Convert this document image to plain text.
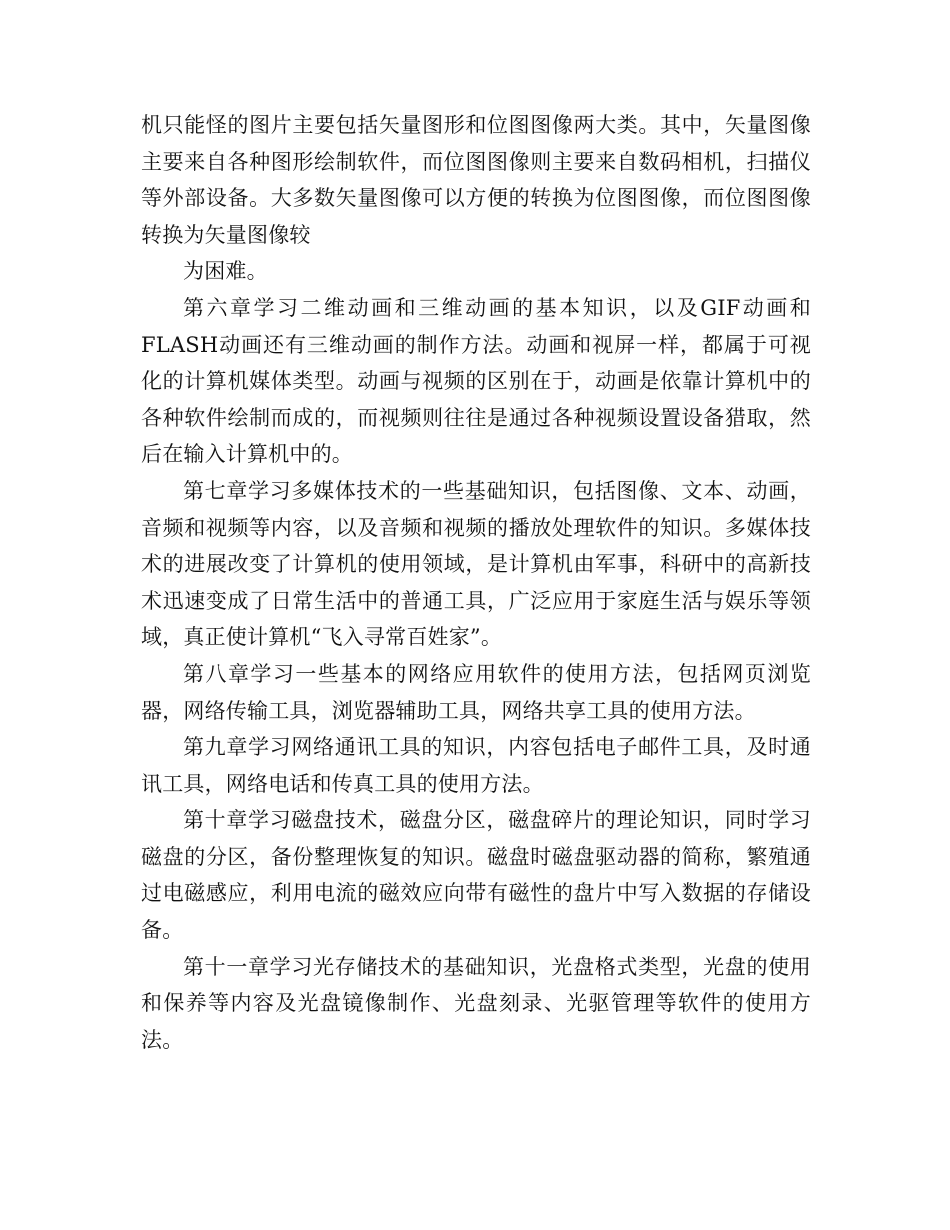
机只能怪的图片主要包括矢量图形和位图图像两大类。其中，矢量图像主要来自各种图形绘制软件，而位图图像则主要来自数码相机，扫描仪等外部设备。大多数矢量图像可以方便的转换为位图图像，而位图图像转换为矢量图像较

为困难。

第六章学习二维动画和三维动画的基本知识，以及GIF动画和FLASH动画还有三维动画的制作方法。动画和视屏一样，都属于可视化的计算机媒体类型。动画与视频的区别在于，动画是依靠计算机中的各种软件绘制而成的，而视频则往往是通过各种视频设置设备猎取，然后在输入计算机中的。

第七章学习多媒体技术的一些基础知识，包括图像、文本、动画，音频和视频等内容，以及音频和视频的播放处理软件的知识。多媒体技术的进展改变了计算机的使用领域，是计算机由军事，科研中的高新技术迅速变成了日常生活中的普通工具，广泛应用于家庭生活与娱乐等领域，真正使计算机“飞入寻常百姓家”。

第八章学习一些基本的网络应用软件的使用方法，包括网页浏览器，网络传输工具，浏览器辅助工具，网络共享工具的使用方法。

第九章学习网络通讯工具的知识，内容包括电子邮件工具，及时通讯工具，网络电话和传真工具的使用方法。

第十章学习磁盘技术，磁盘分区，磁盘碎片的理论知识，同时学习磁盘的分区，备份整理恢复的知识。磁盘时磁盘驱动器的简称，繁殖通过电磁感应，利用电流的磁效应向带有磁性的盘片中写入数据的存储设备。

第十一章学习光存储技术的基础知识，光盘格式类型，光盘的使用和保养等内容及光盘镜像制作、光盘刻录、光驱管理等软件的使用方法。
